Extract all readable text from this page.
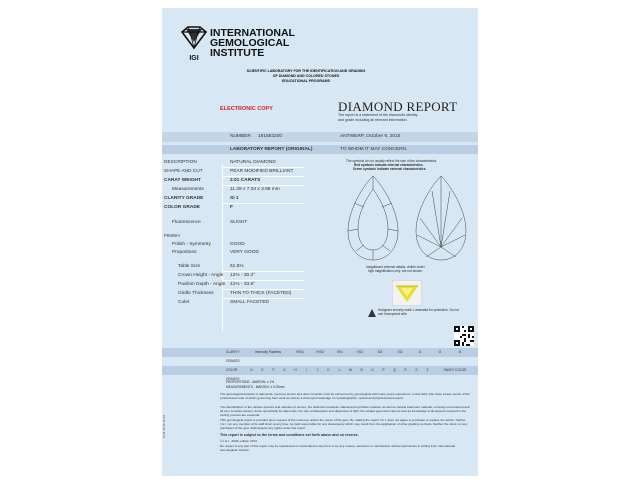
IGI
INTERNATIONAL
GEMOLOGICAL
INSTITUTE
SCIENTIFIC LABORATORY FOR THE IDENTIFICATION AND GRADING
OF DIAMOND AND COLORED STONES
EDUCATIONAL PROGRAMS
ELECTRONIC COPY	DIAMOND REPORT
The report is a statement of the diamond's identity
and grade including all relevant information.
NUMBER 181583200	ANTWERP, October 9, 2015
LABORATORY REPORT (ORIGINAL)	TO WHOM IT MAY CONCERN.
DESCRIPTION	NATURAL DIAMOND
SHAPE AND CUT	PEAR MODIFIED BRILLIANT
CARAT WEIGHT	2.01 CARATS
Measurements	11.39 x 7.04 x 3.98 mm
CLARITY GRADE	SI 1
COLOR GRADE	F
Fluorescence	SLIGHT
FINISH
Polish - Symmetry	GOOD
Proportions	VERY GOOD
Table Size	61.5%
Crown Height - Angle 12% - 30.3°
Pavilion Depth - Angle 41% - 33.9°
Girdle Thickness	THIN TO THICK (FACETED)
Culet	SMALL FACETED
The symbols do not usually reflect the size of the characteristics.
Red symbols indicate internal characteristics.
Green symbols indicate external characteristics.
Insignificant external details, visible under
high magnification only, are not shown.
Hologram security mark. Laminated for protection. Do not use if tampered with.
CLARITY GRADES
Internally Flawless	VVS1	VVS2	VS1	VS2	SI1	SI2	I1	I2	I3
COLOR GRADES
D	E	F	G	H	I	J	K	L	M	N	O	P	Q	R	S	Z	FANCY COLOR
PROPORTIONS - MARGIN: ± 1%
MEASUREMENTS - MARGIN: ± 0.02mm
The gemological analysis of diamonds, precious stones and other minerals must be carried out by gemologists with many years experience. In this field, who have a keen sense of the professional code of ethics governing their work as well as a thorough knowledge of crystallographic, optical and physical phenomena.
The identification of the various species and varieties of stones, the distinction between natural and synthetic material, as well as natural treatment material, currently encountered and all very sensitive factors, those specifically for diamonds, the size of absorption and dispersion of light, the related geometric ratio as well as knowledge of all aspects involved in the cutting process are essential.
This gemological report is provided upon request of the customer and/or the owner of the gem. By making the report I.G.I. does not agree to purchase or replace the article. Neither I.G.I. nor any member of its staff shall, at any time, be held responsible for any discrepancy which may result from the application of other grading methods. Neither the client nor any purchaser of the gem shall acquire any rights under this report.
This report is subject to the terms and conditions set forth above and on reverse.
© I.G.I., 2000, edition 2013
No copies of any part of this report may be reproduced or transmitted in any form or by any means, electronic or mechanical, without permission in writing from International Gemological Institute.
1011 38 41 20 01
